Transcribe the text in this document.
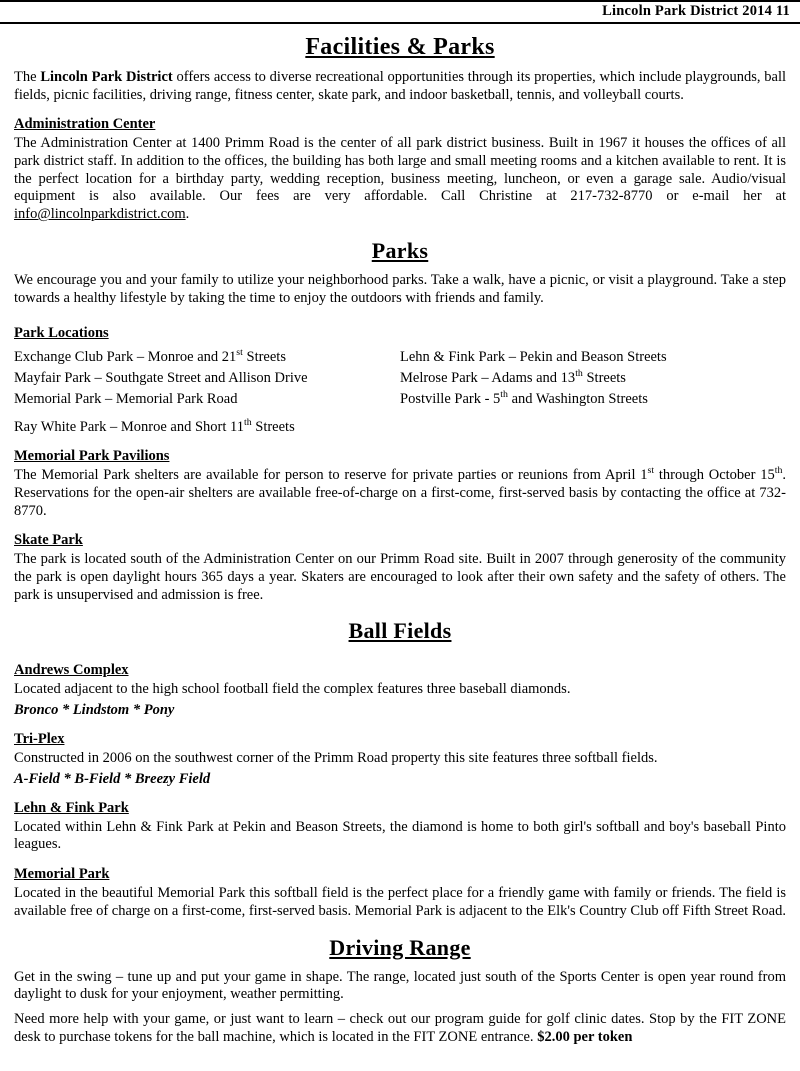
Lincoln Park District 2014 11
Facilities & Parks

The Lincoln Park District offers access to diverse recreational opportunities through its properties, which include playgrounds, ball fields, picnic facilities, driving range, fitness center, skate park, and indoor basketball, tennis, and volleyball courts.

Administration Center

The Administration Center at 1400 Primm Road is the center of all park district business. Built in 1967 it houses the offices of all park district staff. In addition to the offices, the building has both large and small meeting rooms and a kitchen available to rent. It is the perfect location for a birthday party, wedding reception, business meeting, luncheon, or even a garage sale. Audio/visual equipment is also available. Our fees are very affordable. Call Christine at 217-732-8770 or e-mail her at info@lincolnparkdistrict.com.

Parks

We encourage you and your family to utilize your neighborhood parks. Take a walk, have a picnic, or visit a playground. Take a step towards a healthy lifestyle by taking the time to enjoy the outdoors with friends and family.

Park Locations
Exchange Club Park – Monroe and 21st Streets	Lehn & Fink Park – Pekin and Beason Streets
Mayfair Park – Southgate Street and Allison Drive	Melrose Park – Adams and 13th Streets
Memorial Park – Memorial Park Road	Postville Park - 5th and Washington Streets

Ray White Park – Monroe and Short 11th Streets

Memorial Park Pavilions

The Memorial Park shelters are available for person to reserve for private parties or reunions from April 1st through October 15th. Reservations for the open-air shelters are available free-of-charge on a first-come, first-served basis by contacting the office at 732-8770.

Skate Park

The park is located south of the Administration Center on our Primm Road site. Built in 2007 through generosity of the community the park is open daylight hours 365 days a year. Skaters are encouraged to look after their own safety and the safety of others. The park is unsupervised and admission is free.

Ball Fields
Andrews Complex

Located adjacent to the high school football field the complex features three baseball diamonds.

Bronco * Lindstom * Pony

Tri-Plex

Constructed in 2006 on the southwest corner of the Primm Road property this site features three softball fields.

A-Field * B-Field * Breezy Field

Lehn & Fink Park

Located within Lehn & Fink Park at Pekin and Beason Streets, the diamond is home to both girl's softball and boy's baseball Pinto leagues.

Memorial Park

Located in the beautiful Memorial Park this softball field is the perfect place for a friendly game with family or friends. The field is available free of charge on a first-come, first-served basis. Memorial Park is adjacent to the Elk's Country Club off Fifth Street Road.

Driving Range

Get in the swing – tune up and put your game in shape. The range, located just south of the Sports Center is open year round from daylight to dusk for your enjoyment, weather permitting.

Need more help with your game, or just want to learn – check out our program guide for golf clinic dates. Stop by the FIT ZONE desk to purchase tokens for the ball machine, which is located in the FIT ZONE entrance. $2.00 per token
